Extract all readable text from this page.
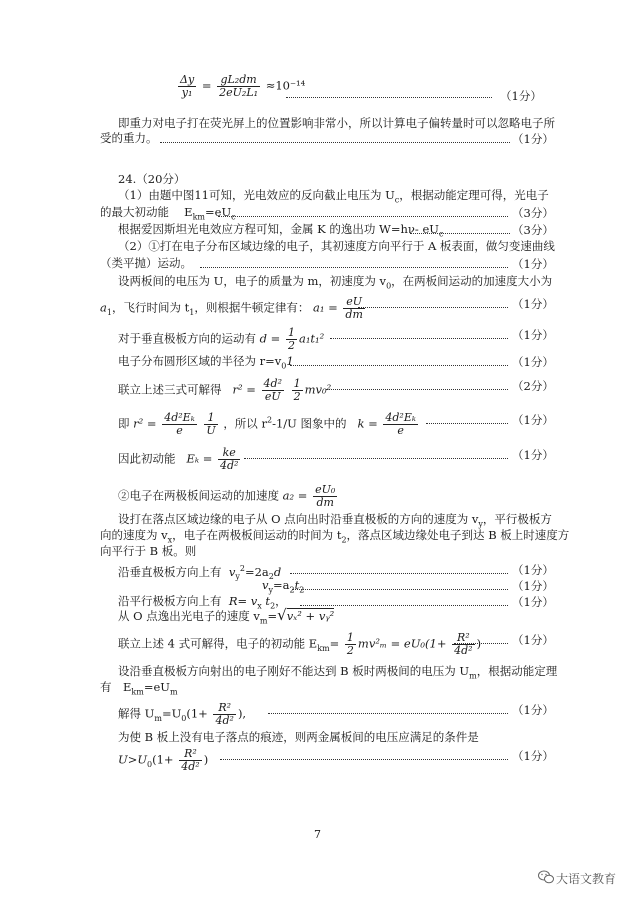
$\frac{\Delta y}{\text{y₁}} = \frac{\text{gL₂dm}}{\text{2eU₂L₁}} \approx 10^{-14}$
（1分）
即重力对电子打在荧光屏上的位置影响非常小，所以计算电子偏转量时可以忽略电子所
受的重力。	（1分）
24.（20分）
（1）由题中图11可知，光电效应的反向截止电压为 $U_c$，根据动能定理可得，光电子
的最大初动能　 $E_{km}=eU_c$	（3分）
根据爱因斯坦光电效应方程可知，金属 K 的逸出功 W=hν- $eU_c$	（3分）
（2）①打在电子分布区域边缘的电子，其初速度方向平行于 A 板表面，做匀变速曲线
（类平抛）运动。	（1分）
设两板间的电压为 U，电子的质量为 m，初速度为 $v_0$，在两板间运动的加速度大小为
$a_1$，飞行时间为 $t_1$，则根据牛顿定律有： $a_1 = \frac{eU}{dm}$	（1分）
对于垂直极板方向的运动有 $d = \frac{1}{2} a_1t_1^2$	（1分）
电子分布圆形区域的半径为 $r=v_01$	（1分）
联立上述三式可解得 $r^2 = \frac{\text{4d²}}{eU}$
$\frac{1}{2} mv_0^2$	（2分）
即 $r^2 = \frac{\text{4d²Eₖ}}{e}$
$\frac{1}{U}$ ，所以 $r^2-1/U$ 图象中的 $k = \frac{\text{4d²Eₖ}}{e}$	（1分）
因此初动能 $E_k = \frac{ke}{\text{4d²}}$	（1分）
②电子在两极板间运动的加速度 $a_2 = \frac{\text{eU₀}}{dm}$
设打在落点区域边缘的电子从 O 点向出时沿垂直极板的方向的速度为 $v_y$，平行极板方
向的速度为 $v_x$，电子在两极板间运动的时间为 $t_2$，落点区域边缘处电子到达 B 板上时速度方
向平行于 B 板。则
沿垂直极板方向上有 $v_y^2=2a_2d$	（1分）
$v_y=a_2t_2$	（1分）
沿平行极板方向上有 $R= v_x$ $t_2$，	（1分）
从 O 点逸出光电子的速度 $v_m=√v_x^2$ + vᵧ²
联立上述 4 式可解得，电子的初动能 $E_{km}= \frac{1}{2} mv^2_m = eU_0(1+ \frac{\text{R²}}{\text{4d²}}$ )	（1分）
设沿垂直极板方向射出的电子刚好不能达到 B 板时两极间的电压为 $U_m$，根据动能定理
有　$E_{km}=eU_m$
解得 $U_m=U_0(1+ \frac{\text{R²}}{\text{4d²}}$ ),	（1分）
为使 B 板上没有电子落点的痕迹，则两金属板间的电压应满足的条件是
$U>U_0(1+ \frac{\text{R²}}{\text{4d²}}$ )	（1分）
7
大语文教育
